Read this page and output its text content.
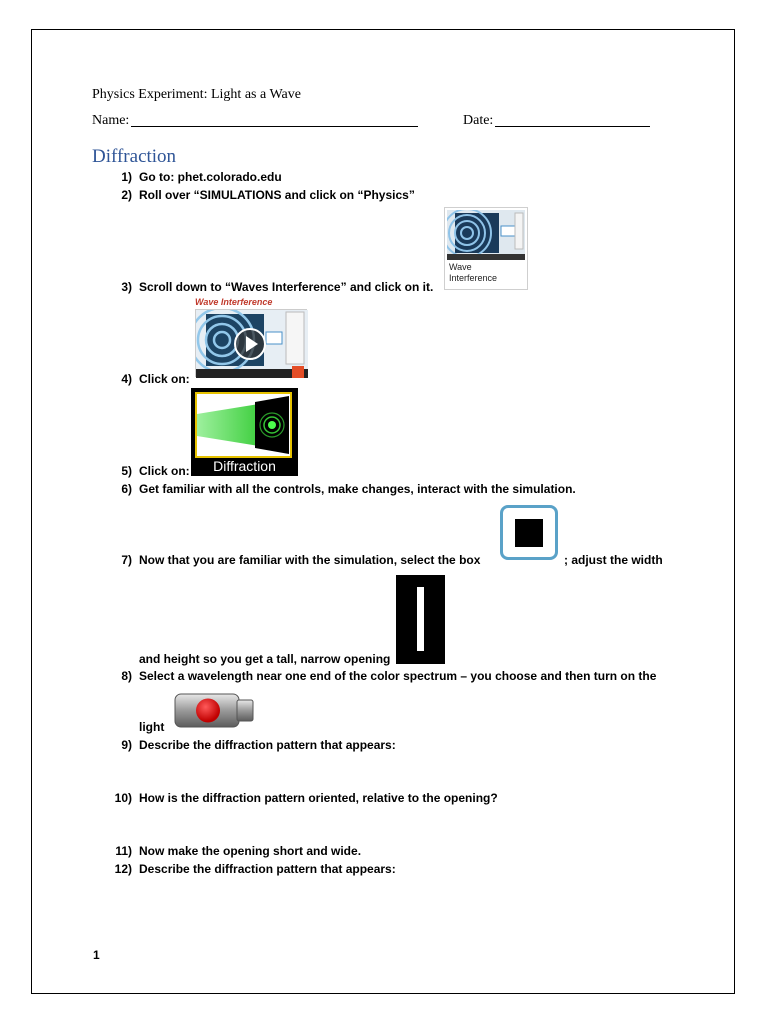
Physics Experiment: Light as a Wave
Name:	Date:
Diffraction
1) Go to: phet.colorado.edu
2) Roll over “SIMULATIONS and click on “Physics”
Wave
Interference
3) Scroll down to “Waves Interference” and click on it.
Wave Interference
4) Click on:
Diffraction
5) Click on:
6) Get familiar with all the controls, make changes, interact with the simulation.
7) Now that you are familiar with the simulation, select the box	; adjust the width
and height so you get a tall, narrow opening
8) Select a wavelength near one end of the color spectrum – you choose and then turn on the
light
9) Describe the diffraction pattern that appears:
10) How is the diffraction pattern oriented, relative to the opening?
11) Now make the opening short and wide.
12) Describe the diffraction pattern that appears:
1
